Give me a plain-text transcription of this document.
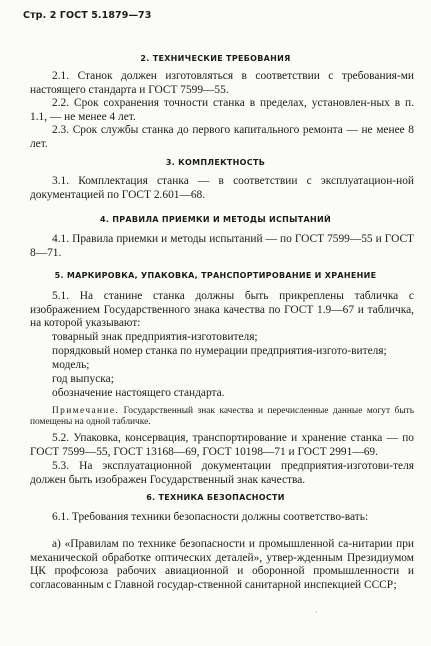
Стр. 2 ГОСТ 5.1879—73
2. ТЕХНИЧЕСКИЕ ТРЕБОВАНИЯ

2.1. Станок должен изготовляться в соответствии с требования-ми настоящего стандарта и ГОСТ 7599—55.

2.2. Срок сохранения точности станка в пределах, установлен-ных в п. 1.1, — не менее 4 лет.

2.3. Срок службы станка до первого капитального ремонта — не менее 8 лет.

3. КОМПЛЕКТНОСТЬ

3.1. Комплектация станка — в соответствии с эксплуатацион-ной документацией по ГОСТ 2.601—68.

4. ПРАВИЛА ПРИЕМКИ И МЕТОДЫ ИСПЫТАНИЙ

4.1. Правила приемки и методы испытаний — по ГОСТ 7599—55 и ГОСТ 8—71.

5. МАРКИРОВКА, УПАКОВКА, ТРАНСПОРТИРОВАНИЕ И ХРАНЕНИЕ

5.1. На станине станка должны быть прикреплены табличка с изображением Государственного знака качества по ГОСТ 1.9—67 и табличка, на которой указывают:

товарный знак предприятия-изготовителя;

порядковый номер станка по нумерации предприятия-изгото-вителя;

модель;

год выпуска;

обозначение настоящего стандарта.

Примечание. Государственный знак качества и перечисленные данные могут быть помещены на одной табличке.

5.2. Упаковка, консервация, транспортирование и хранение станка — по ГОСТ 7599—55, ГОСТ 13168—69, ГОСТ 10198—71 и ГОСТ 2991—69.

5.3. На эксплуатационной документации предприятия-изготови-теля должен быть изображен Государственный знак качества.

6. ТЕХНИКА БЕЗОПАСНОСТИ

6.1. Требования техники безопасности должны соответство-вать:

а) «Правилам по технике безопасности и промышленной са-нитарии при механической обработке оптических деталей», утвер-жденным Президиумом ЦК профсоюза рабочих авиационной и оборонной промышленности и согласованным с Главной государ-ственной санитарной инспекцией СССР;

ˌ
